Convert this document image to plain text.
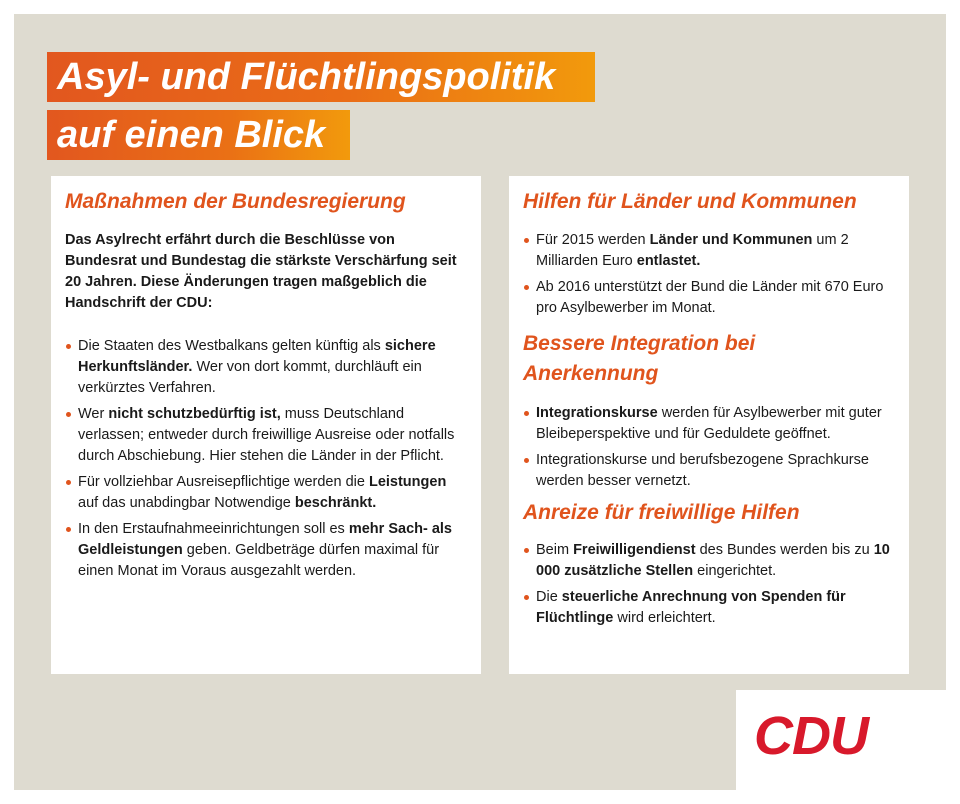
Asyl- und Flüchtlingspolitik
auf einen Blick
Maßnahmen der Bundesregierung

Das Asylrecht erfährt durch die Beschlüsse von Bundesrat und Bundestag die stärkste Verschärfung seit 20 Jahren. Diese Änderungen tragen maßgeblich die Handschrift der CDU:

Die Staaten des Westbalkans gelten künftig als sichere Herkunftsländer. Wer von dort kommt, durchläuft ein verkürztes Verfahren.
Wer nicht schutzbedürftig ist, muss Deutschland verlassen; entweder durch freiwillige Ausreise oder notfalls durch Abschiebung. Hier stehen die Länder in der Pflicht.
Für vollziehbar Ausreisepflichtige werden die Leistungen auf das unabdingbar Notwendige beschränkt.
In den Erstaufnahmeeinrichtungen soll es mehr Sach- als Geldleistungen geben. Geldbeträge dürfen maximal für einen Monat im Voraus ausgezahlt werden.
Hilfen für Länder und Kommunen
Für 2015 werden Länder und Kommunen um 2 Milliarden Euro entlastet.
Ab 2016 unterstützt der Bund die Länder mit 670 Euro pro Asylbewerber im Monat.
Bessere Integration bei Anerkennung
Integrationskurse werden für Asylbewerber mit guter Bleibeperspektive und für Geduldete geöffnet.
Integrationskurse und berufsbezogene Sprachkurse werden besser vernetzt.
Anreize für freiwillige Hilfen
Beim Freiwilligendienst des Bundes werden bis zu 10 000 zusätzliche Stellen eingerichtet.
Die steuerliche Anrechnung von Spenden für Flüchtlinge wird erleichtert.
CDU
